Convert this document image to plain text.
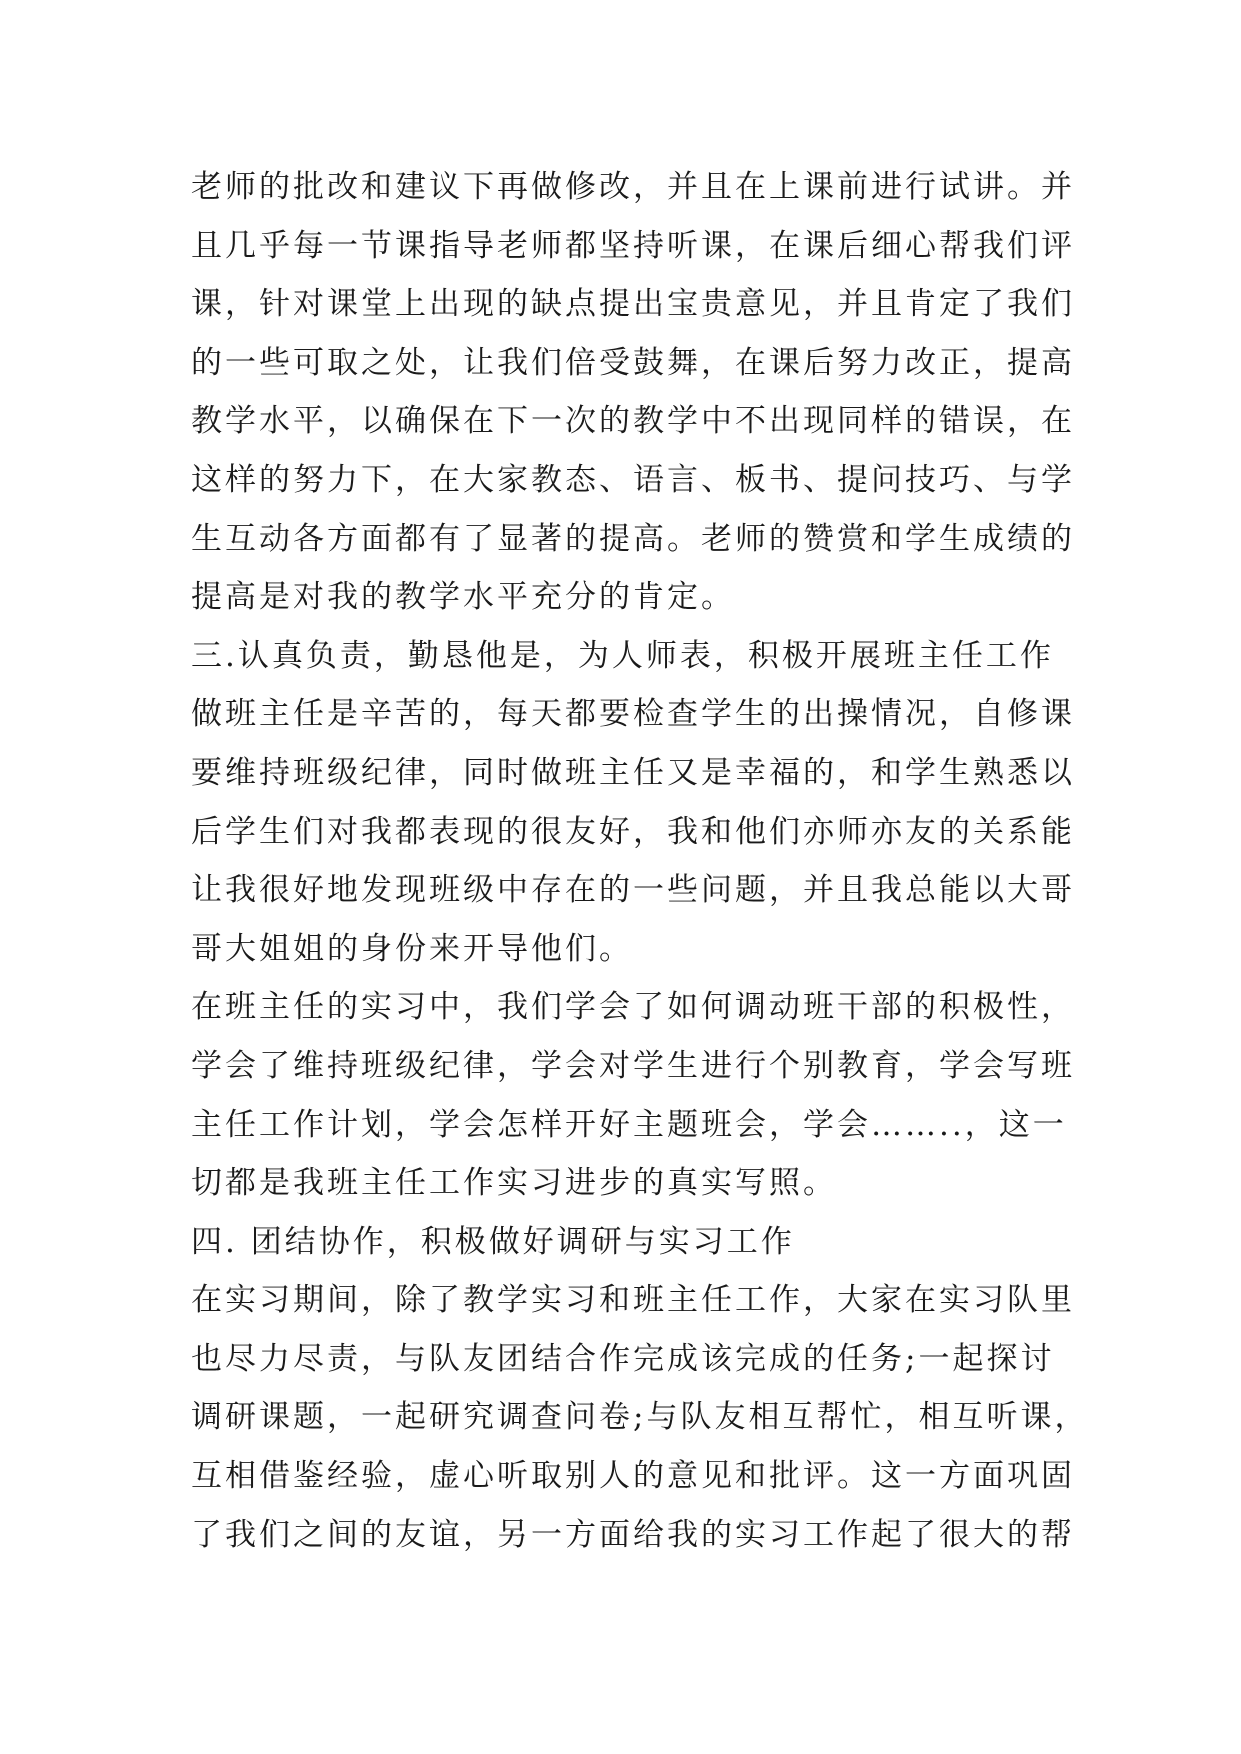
老师的批改和建议下再做修改，并且在上课前进行试讲。并
且几乎每一节课指导老师都坚持听课，在课后细心帮我们评
课，针对课堂上出现的缺点提出宝贵意见，并且肯定了我们
的一些可取之处，让我们倍受鼓舞，在课后努力改正，提高
教学水平，以确保在下一次的教学中不出现同样的错误，在
这样的努力下，在大家教态、语言、板书、提问技巧、与学
生互动各方面都有了显著的提高。老师的赞赏和学生成绩的
提高是对我的教学水平充分的肯定。
三.认真负责，勤恳他是，为人师表，积极开展班主任工作
做班主任是辛苦的，每天都要检查学生的出操情况，自修课
要维持班级纪律，同时做班主任又是幸福的，和学生熟悉以
后学生们对我都表现的很友好，我和他们亦师亦友的关系能
让我很好地发现班级中存在的一些问题，并且我总能以大哥
哥大姐姐的身份来开导他们。
在班主任的实习中，我们学会了如何调动班干部的积极性，
学会了维持班级纪律，学会对学生进行个别教育，学会写班
主任工作计划，学会怎样开好主题班会，学会……..，这一
切都是我班主任工作实习进步的真实写照。
四. 团结协作，积极做好调研与实习工作
在实习期间，除了教学实习和班主任工作，大家在实习队里
也尽力尽责，与队友团结合作完成该完成的任务;一起探讨
调研课题，一起研究调查问卷;与队友相互帮忙，相互听课，
互相借鉴经验，虚心听取别人的意见和批评。这一方面巩固
了我们之间的友谊，另一方面给我的实习工作起了很大的帮
